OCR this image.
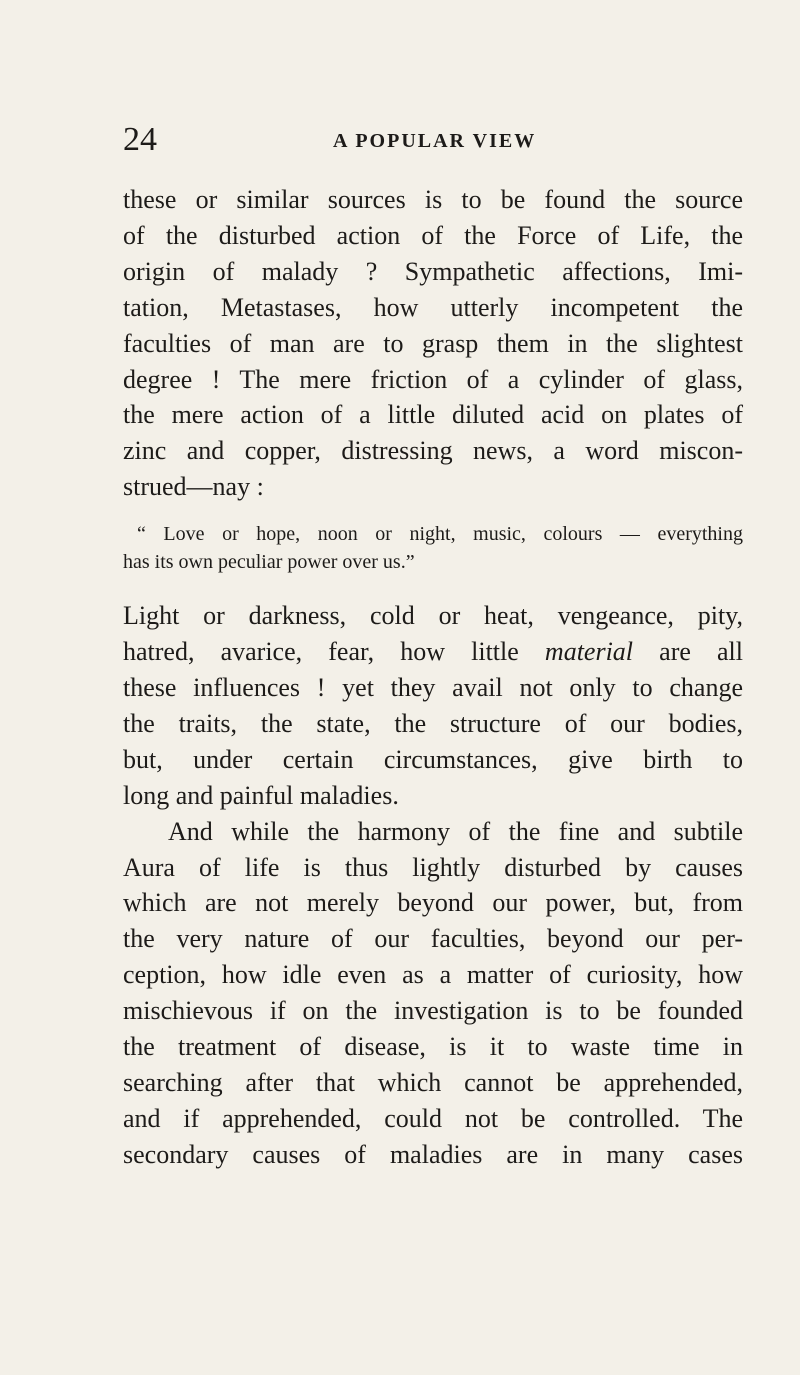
24	A POPULAR VIEW

these or similar sources is to be found the source
of the disturbed action of the Force of Life, the
origin of malady ? Sympathetic affections, Imi-
tation, Metastases, how utterly incompetent the
faculties of man are to grasp them in the slightest
degree ! The mere friction of a cylinder of glass,
the mere action of a little diluted acid on plates of
zinc and copper, distressing news, a word miscon-
strued—nay :

“ Love or hope, noon or night, music, colours — everything
has its own peculiar power over us.”

Light or darkness, cold or heat, vengeance, pity,
hatred, avarice, fear, how little material are all
these influences ! yet they avail not only to change
the traits, the state, the structure of our bodies,
but, under certain circumstances, give birth to
long and painful maladies.

And while the harmony of the fine and subtile
Aura of life is thus lightly disturbed by causes
which are not merely beyond our power, but, from
the very nature of our faculties, beyond our per-
ception, how idle even as a matter of curiosity, how
mischievous if on the investigation is to be founded
the treatment of disease, is it to waste time in
searching after that which cannot be apprehended,
and if apprehended, could not be controlled. The
secondary causes of maladies are in many cases
